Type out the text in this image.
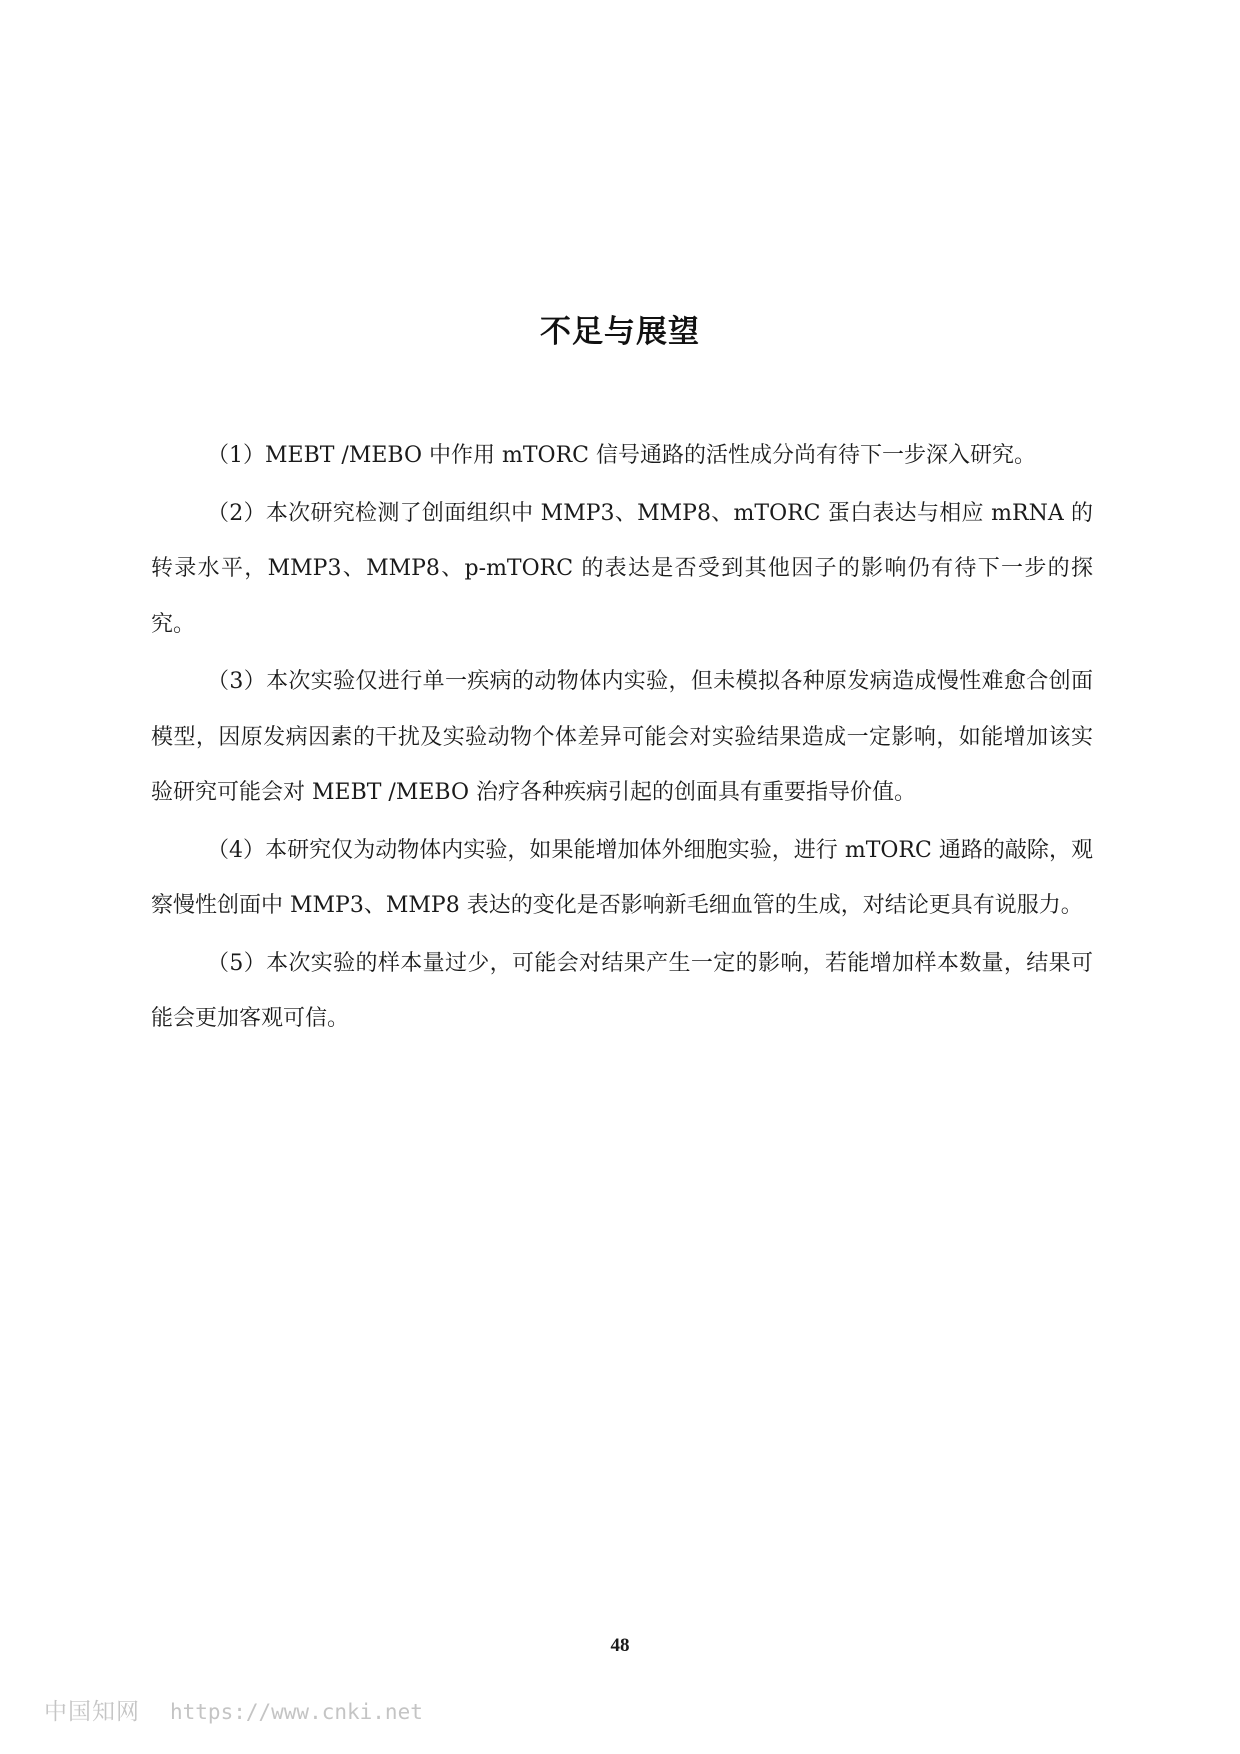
不足与展望

（1）MEBT /MEBO 中作用 mTORC 信号通路的活性成分尚有待下一步深入研究。

（2）本次研究检测了创面组织中 MMP3、MMP8、mTORC 蛋白表达与相应 mRNA 的转录水平，MMP3、MMP8、p-mTORC 的表达是否受到其他因子的影响仍有待下一步的探究。

（3）本次实验仅进行单一疾病的动物体内实验，但未模拟各种原发病造成慢性难愈合创面模型，因原发病因素的干扰及实验动物个体差异可能会对实验结果造成一定影响，如能增加该实验研究可能会对 MEBT /MEBO 治疗各种疾病引起的创面具有重要指导价值。

（4）本研究仅为动物体内实验，如果能增加体外细胞实验，进行 mTORC 通路的敲除，观察慢性创面中 MMP3、MMP8 表达的变化是否影响新毛细血管的生成，对结论更具有说服力。

（5）本次实验的样本量过少，可能会对结果产生一定的影响，若能增加样本数量，结果可能会更加客观可信。

48
中国知网 https://www.cnki.net
